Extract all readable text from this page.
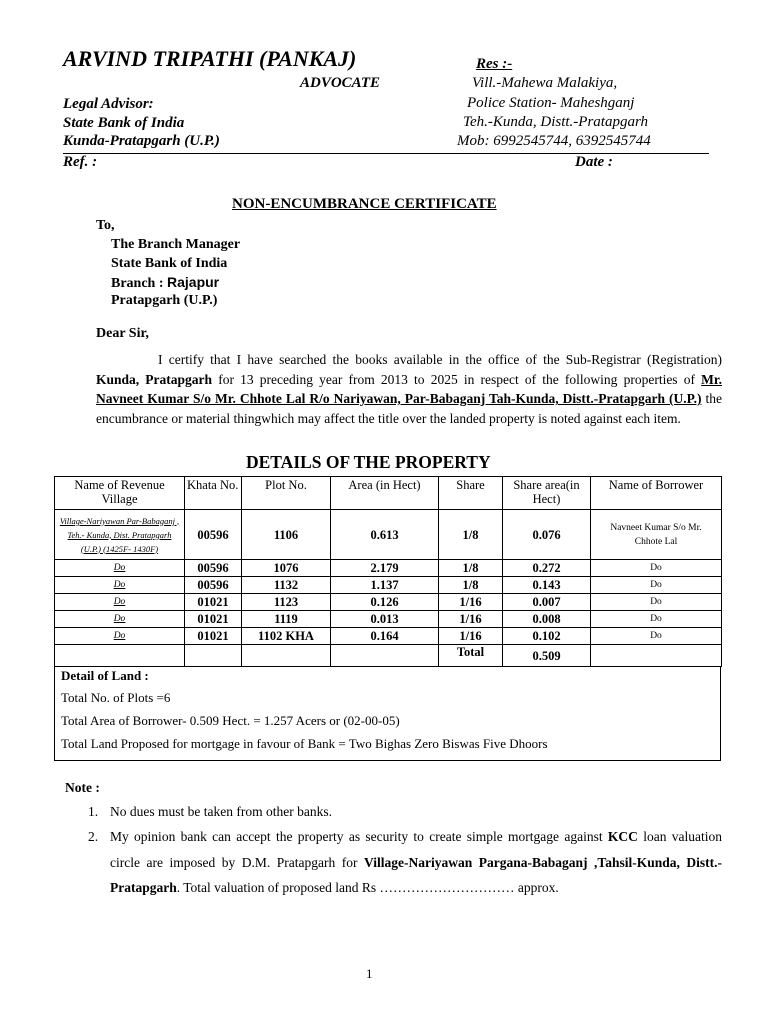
ARVIND TRIPATHI (PANKAJ)
ADVOCATE
Legal Advisor:
State Bank of India
Kunda-Pratapgarh (U.P.)
Res :-
Vill.-Mahewa Malakiya,
Police Station- Maheshganj
Teh.-Kunda, Distt.-Pratapgarh
Mob: 6992545744, 6392545744
Ref. :	Date :
NON-ENCUMBRANCE CERTIFICATE
To,
The Branch Manager
State Bank of India
Branch : Rajapur
Pratapgarh (U.P.)
Dear Sir,
I certify that I have searched the books available in the office of the Sub-Registrar (Registration) Kunda, Pratapgarh for 13 preceding year from 2013 to 2025 in respect of the following properties of Mr. Navneet Kumar S/o Mr. Chhote Lal R/o Nariyawan, Par-Babaganj Tah-Kunda, Distt.-Pratapgarh (U.P.) the encumbrance or material thingwhich may affect the title over the landed property is noted against each item.
DETAILS OF THE PROPERTY
Name of Revenue Village	Khata No.	Plot No.	Area (in Hect)	Share	Share area(in Hect)	Name of Borrower
Village-Nariyawan Par-Babaganj , Teh.- Kunda, Dist. Pratapgarh (U.P.) (1425F- 1430F)	00596	1106	0.613	1/8	0.076	Navneet Kumar S/o Mr. Chhote Lal
Do	00596	1076	2.179	1/8	0.272	Do
Do	00596	1132	1.137	1/8	0.143	Do
Do	01021	1123	0.126	1/16	0.007	Do
Do	01021	1119	0.013	1/16	0.008	Do
Do	01021	1102 KHA	0.164	1/16	0.102	Do
				Total	0.509	
Detail of Land :
Total No. of Plots =6
Total Area of Borrower- 0.509 Hect. = 1.257 Acers or (02-00-05)
Total Land Proposed for mortgage in favour of Bank = Two Bighas Zero Biswas Five Dhoors
Note :
1. No dues must be taken from other banks.
2. My opinion bank can accept the property as security to create simple mortgage against KCC loan valuation circle are imposed by D.M. Pratapgarh for Village-Nariyawan Pargana-Babaganj ,Tahsil-Kunda, Distt.-Pratapgarh. Total valuation of proposed land Rs ………………………… approx.
1
